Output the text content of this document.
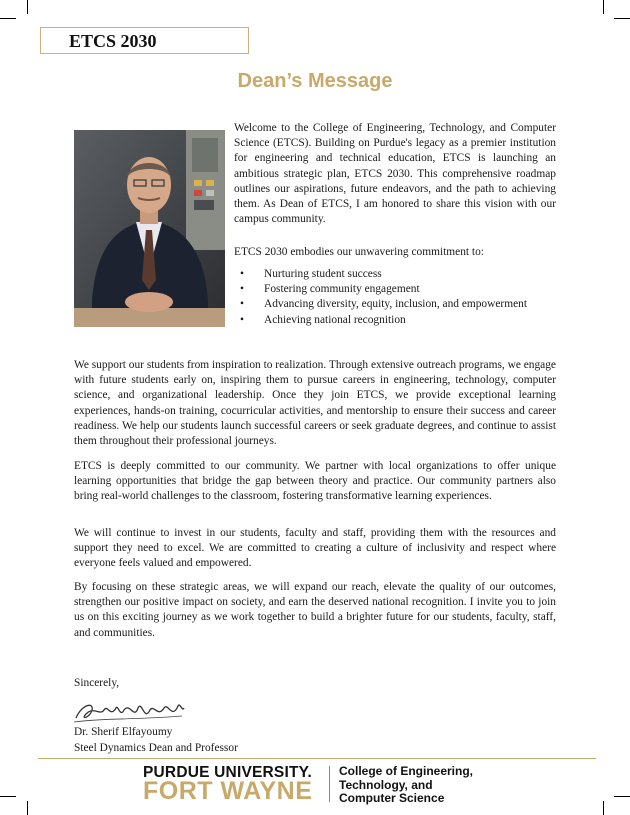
ETCS 2030
Dean’s Message

Welcome to the College of Engineering, Technology, and Computer Science (ETCS). Building on Purdue's legacy as a premier institution for engineering and technical education, ETCS is launching an ambitious strategic plan, ETCS 2030. This comprehensive roadmap outlines our aspirations, future endeavors, and the path to achieving them. As Dean of ETCS, I am honored to share this vision with our campus community.

ETCS 2030 embodies our unwavering commitment to:

• Nurturing student success
• Fostering community engagement
• Advancing diversity, equity, inclusion, and empowerment
• Achieving national recognition

We support our students from inspiration to realization. Through extensive outreach programs, we engage with future students early on, inspiring them to pursue careers in engineering, technology, computer science, and organizational leadership. Once they join ETCS, we provide exceptional learning experiences, hands-on training, cocurricular activities, and mentorship to ensure their success and career readiness. We help our students launch successful careers or seek graduate degrees, and continue to assist them throughout their professional journeys.

ETCS is deeply committed to our community. We partner with local organizations to offer unique learning opportunities that bridge the gap between theory and practice. Our community partners also bring real-world challenges to the classroom, fostering transformative learning experiences.

We will continue to invest in our students, faculty and staff, providing them with the resources and support they need to excel. We are committed to creating a culture of inclusivity and respect where everyone feels valued and empowered.

By focusing on these strategic areas, we will expand our reach, elevate the quality of our outcomes, strengthen our positive impact on society, and earn the deserved national recognition. I invite you to join us on this exciting journey as we work together to build a brighter future for our students, faculty, staff, and communities.

Sincerely,

Dr. Sherif Elfayoumy

Steel Dynamics Dean and Professor

PURDUE UNIVERSITY.
FORT WAYNE

College of Engineering,
Technology, and
Computer Science
